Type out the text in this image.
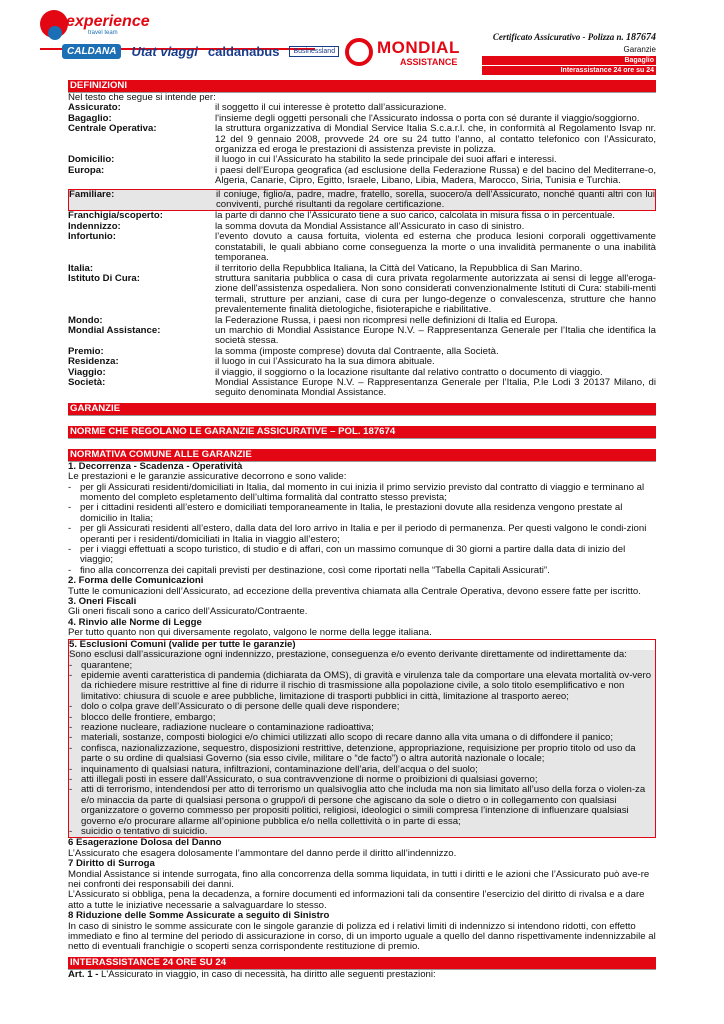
experience
travel team
CALDANA	Utat viaggi caldanabus	Businessland MONDIAL
ASSISTANCE
Certificato Assicurativo - Polizza n. 187674
Garanzie
Bagaglio
Interassistance 24 ore su 24
DEFINIZIONI

Nel testo che segue si intende per:

Assicurato:	il soggetto il cui interesse è protetto dall’assicurazione.
Bagaglio:	l'insieme degli oggetti personali che l'Assicurato indossa o porta con sé durante il viaggio/soggiorno.
Centrale Operativa:	la struttura organizzativa di Mondial Service Italia S.c.a.r.l. che, in conformità al Regolamento Isvap nr. 12 del 9 gennaio 2008, provvede 24 ore su 24 tutto l’anno, al contatto telefonico con l’Assicurato, organizza ed eroga le prestazioni di assistenza previste in polizza.
Domicilio:	il luogo in cui l’Assicurato ha stabilito la sede principale dei suoi affari e interessi.
Europa:	i paesi dell’Europa geografica (ad esclusione della Federazione Russa) e del bacino del Mediterrane-o, Algeria, Canarie, Cipro, Egitto, Israele, Libano, Libia, Madera, Marocco, Siria, Tunisia e Turchia.
Familiare:	il coniuge, figlio/a, padre, madre, fratello, sorella, suocero/a dell’Assicurato, nonché quanti altri con lui conviventi, purché risultanti da regolare certificazione.
Franchigia/scoperto:	la parte di danno che l’Assicurato tiene a suo carico, calcolata in misura fissa o in percentuale.
Indennizzo:	la somma dovuta da Mondial Assistance all’Assicurato in caso di sinistro.
Infortunio:	l’evento dovuto a causa fortuita, violenta ed esterna che produca lesioni corporali oggettivamente constatabili, le quali abbiano come conseguenza la morte o una invalidità permanente o una inabilità temporanea.
Italia:	il territorio della Repubblica Italiana, la Città del Vaticano, la Repubblica di San Marino.
Istituto Di Cura:	struttura sanitaria pubblica o casa di cura privata regolarmente autorizzata ai sensi di legge all'eroga-zione dell'assistenza ospedaliera. Non sono considerati convenzionalmente Istituti di Cura: stabili-menti termali, strutture per anziani, case di cura per lungo-degenze o convalescenza, strutture che hanno prevalentemente finalità dietologiche, fisioterapiche e riabilitative.
Mondo:	la Federazione Russa, i paesi non ricompresi nelle definizioni di Italia ed Europa.
Mondial Assistance:	un marchio di Mondial Assistance Europe N.V. – Rappresentanza Generale per l’Italia che identifica la società stessa.
Premio:	la somma (imposte comprese) dovuta dal Contraente, alla Società.
Residenza:	il luogo in cui l’Assicurato ha la sua dimora abituale.
Viaggio:	il viaggio, il soggiorno o la locazione risultante dal relativo contratto o documento di viaggio.
Società:	Mondial Assistance Europe N.V. – Rappresentanza Generale per l’Italia, P.le Lodi 3 20137 Milano, di seguito denominata Mondial Assistance.
GARANZIE
NORME CHE REGOLANO LE GARANZIE ASSICURATIVE – POL. 187674
NORMATIVA COMUNE ALLE GARANZIE

1. Decorrenza - Scadenza - Operatività

Le prestazioni e le garanzie assicurative decorrono e sono valide:

- per gli Assicurati residenti/domiciliati in Italia, dal momento in cui inizia il primo servizio previsto dal contratto di viaggio e terminano al momento del completo espletamento dell’ultima formalità dal contratto stesso prevista;
- per i cittadini residenti all’estero e domiciliati temporaneamente in Italia, le prestazioni dovute alla residenza vengono prestate al domicilio in Italia;
- per gli Assicurati residenti all’estero, dalla data del loro arrivo in Italia e per il periodo di permanenza. Per questi valgono le condi-zioni operanti per i residenti/domiciliati in Italia in viaggio all’estero;
- per i viaggi effettuati a scopo turistico, di studio e di affari, con un massimo comunque di 30 giorni a partire dalla data di inizio del viaggio;
- fino alla concorrenza dei capitali previsti per destinazione, così come riportati nella “Tabella Capitali Assicurati”.

2. Forma delle Comunicazioni

Tutte le comunicazioni dell’Assicurato, ad eccezione della preventiva chiamata alla Centrale Operativa, devono essere fatte per iscritto.

3. Oneri Fiscali

Gli oneri fiscali sono a carico dell’Assicurato/Contraente.

4. Rinvio alle Norme di Legge

Per tutto quanto non qui diversamente regolato, valgono le norme della legge italiana.

5. Esclusioni Comuni (valide per tutte le garanzie)

Sono esclusi dall’assicurazione ogni indennizzo, prestazione, conseguenza e/o evento derivante direttamente od indirettamente da:

- quarantene;
- epidemie aventi caratteristica di pandemia (dichiarata da OMS), di gravità e virulenza tale da comportare una elevata mortalità ov-vero da richiedere misure restrittive al fine di ridurre il rischio di trasmissione alla popolazione civile, a solo titolo esemplificativo e non limitativo: chiusura di scuole e aree pubbliche, limitazione di trasporti pubblici in città, limitazione al trasporto aereo;
- dolo o colpa grave dell’Assicurato o di persone delle quali deve rispondere;
- blocco delle frontiere, embargo;
- reazione nucleare, radiazione nucleare o contaminazione radioattiva;
- materiali, sostanze, composti biologici e/o chimici utilizzati allo scopo di recare danno alla vita umana o di diffondere il panico;
- confisca, nazionalizzazione, sequestro, disposizioni restrittive, detenzione, appropriazione, requisizione per proprio titolo od uso da parte o su ordine di qualsiasi Governo (sia esso civile, militare o “de facto”) o altra autorità nazionale o locale;
- inquinamento di qualsiasi natura, infiltrazioni, contaminazione dell’aria, dell’acqua o del suolo;
- atti illegali posti in essere dall’Assicurato, o sua contravvenzione di norme o proibizioni di qualsiasi governo;
- atti di terrorismo, intendendosi per atto di terrorismo un qualsivoglia atto che includa ma non sia limitato all’uso della forza o violen-za e/o minaccia da parte di qualsiasi persona o gruppo/i di persone che agiscano da sole o dietro o in collegamento con qualsiasi organizzatore o governo commesso per propositi politici, religiosi, ideologici o simili compresa l’intenzione di influenzare qualsiasi governo e/o procurare allarme all’opinione pubblica e/o nella collettività o in parte di essa;
- suicidio o tentativo di suicidio.

6 Esagerazione Dolosa del Danno

L’Assicurato che esagera dolosamente l’ammontare del danno perde il diritto all’indennizzo.

7 Diritto di Surroga

Mondial Assistance si intende surrogata, fino alla concorrenza della somma liquidata, in tutti i diritti e le azioni che l’Assicurato può ave-re nei confronti dei responsabili dei danni.

L’Assicurato si obbliga, pena la decadenza, a fornire documenti ed informazioni tali da consentire l’esercizio del diritto di rivalsa e a dare atto a tutte le iniziative necessarie a salvaguardare lo stesso.

8 Riduzione delle Somme Assicurate a seguito di Sinistro

In caso di sinistro le somme assicurate con le singole garanzie di polizza ed i relativi limiti di indennizzo si intendono ridotti, con effetto immediato e fino al termine del periodo di assicurazione in corso, di un importo uguale a quello del danno rispettivamente indennizzabile al netto di eventuali franchigie o scoperti senza corrispondente restituzione di premio.

INTERASSISTANCE 24 ORE SU 24

Art. 1 - L'Assicurato in viaggio, in caso di necessità, ha diritto alle seguenti prestazioni:
